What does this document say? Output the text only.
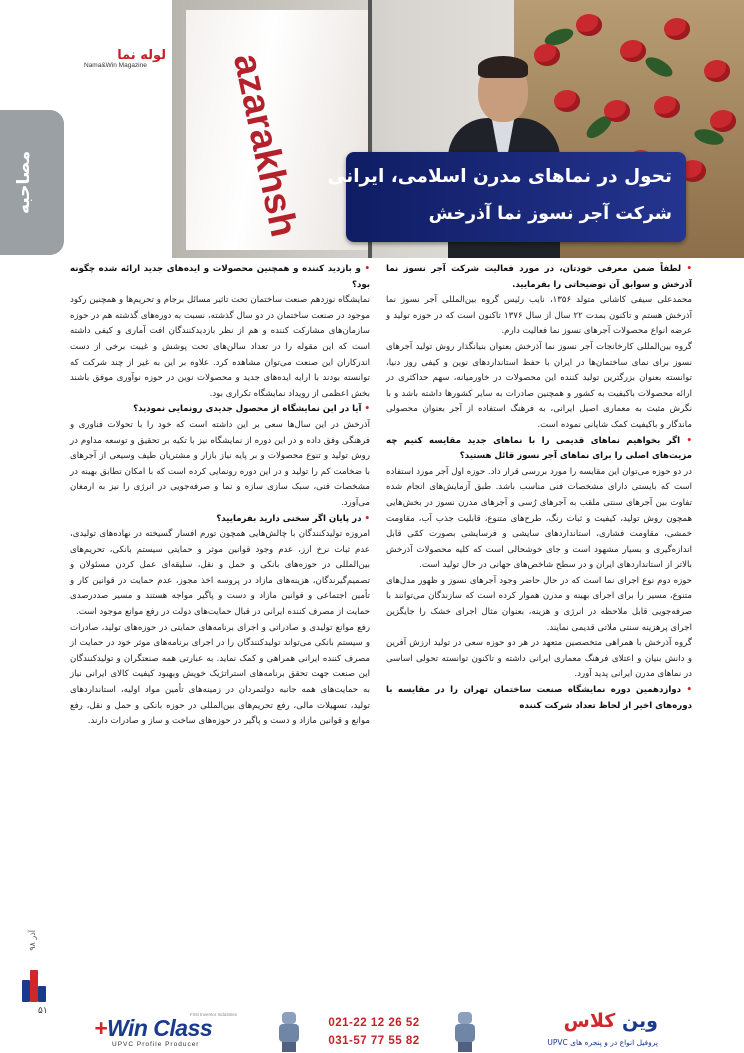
azarakhsh
لوله نما
Nama&Win Magazine
مصاحبه	تحول در نماهای مدرن اسلامی، ایرانی
شرکت آجر نسوز نما آذرخش

• لطفاً ضمن معرفی خودتان، در مورد فعالیت شرکت آجر نسوز نما آذرخش و سوابق آن توضیحاتی را بفرمایید.

محمدعلی سیفی کاشانی متولد ۱۳۵۶، نایب رئیس گروه بین‌المللی آجر نسوز نما آذرخش هستم و تاکنون بمدت ۲۲ سال از سال ۱۳۷۶ تاکنون است که در حوزه تولید و عرضه انواع محصولات آجرهای نسوز نما فعالیت دارم.

گروه بین‌المللی کارخانجات آجر نسوز نما آذرخش بعنوان بنیانگذار روش تولید آجرهای نسوز برای نمای ساختمان‌ها در ایران با حفظ استانداردهای نوین و کیفی روز دنیا، توانسته بعنوان بزرگترین تولید کننده این محصولات در خاورمیانه، سهم حداکثری در ارائه محصولات باکیفیت به کشور و همچنین صادرات به سایر کشورها داشته باشد و با نگرش مثبت به معماری اصیل ایرانی، به فرهنگ استفاده از آجر بعنوان محصولی ماندگار و باکیفیت کمک شایانی نموده است.

• اگر بخواهیم نماهای قدیمی را با نماهای جدید مقایسه کنیم چه مزیت‌های اصلی را برای نماهای آجر نسوز قائل هستید؟

در دو حوزه می‌توان این مقایسه را مورد بررسی قرار داد. حوزه اول آجر مورد استفاده است که بایستی دارای مشخصات فنی مناسب باشد. طبق آزمایش‌های انجام شده تفاوت بین آجرهای سنتی ملقب به آجرهای رُسی و آجرهای مدرن نسوز در بخش‌هایی همچون روش تولید، کیفیت و ثبات رنگ، طرح‌های متنوع، قابلیت جذب آب، مقاومت خمشی، مقاومت فشاری، استانداردهای سایشی و فرسایشی بصورت کمّی قابل اندازه‌گیری و بسیار مشهود است و جای خوشحالی است که کلیه محصولات آذرخش بالاتر از استانداردهای ایران و در سطح شاخص‌های جهانی در حال تولید است.

حوزه دوم نوع اجرای نما است که در حال حاضر وجود آجرهای نسوز و ظهور مدل‌های متنوع، مسیر را برای اجرای بهینه و مدرن هموار کرده است که سازندگان می‌توانند با صرفه‌جویی قابل ملاحظه در انرژی و هزینه، بعنوان مثال اجرای خشک را جایگزین اجرای پرهزینه سنتی ملاتی قدیمی نمایند.

گروه آذرخش با همراهی متخصصین متعهد در هر دو حوزه سعی در تولید ارزش آفرین و دانش بنیان و اعتلای فرهنگ معماری ایرانی داشته و تاکنون توانسته تحولی اساسی در نماهای مدرن ایرانی پدید آورد.

• دوازدهمین دوره نمایشگاه صنعت ساختمان تهران را در مقایسه با دوره‌های اخیر از لحاظ تعداد شرکت کننده

• و بازدید کننده و همچنین محصولات و ایده‌های جدید ارائه شده چگونه بود؟

نمایشگاه نوزدهم صنعت ساختمان تحت تاثیر مسائل برجام و تحریم‌ها و همچنین رکود موجود در صنعت ساختمان در دو سال گذشته، نسبت به دوره‌های گذشته هم در حوزه سازمان‌های مشارکت کننده و هم از نظر بازدیدکنندگان افت آماری و کیفی داشته است که این مقوله را در تعداد سالن‌های تحت پوشش و غیبت برخی از دست اندرکاران این صنعت می‌توان مشاهده کرد. علاوه بر این به غیر از چند شرکت که توانسته بودند با ارایه ایده‌های جدید و محصولات نوین در حوزه نوآوری موفق باشند بخش اعظمی از رویداد نمایشگاه تکراری بود.

• آیا در این نمایشگاه از محصول جدیدی رونمایی نمودید؟

آذرخش در این سال‌ها سعی بر این داشته است که خود را با تحولات فناوری و فرهنگی وفق داده و در این دوره از نمایشگاه نیز با تکیه بر تحقیق و توسعه مداوم در روش تولید و تنوع محصولات و بر پایه نیاز بازار و مشتریان طیف وسیعی از آجرهای با ضخامت کم را تولید و در این دوره رونمایی کرده است که با امکان تطابق بهینه در مشخصات فنی، سبک سازی سازه و نما و صرفه‌جویی در انرژی را نیز به ارمغان می‌آورد.

• در پایان اگر سخنی دارید بفرمایید؟

امروزه تولیدکنندگان با چالش‌هایی همچون تورم افسار گسیخته در نهاده‌های تولیدی، عدم ثبات نرخ ارز، عدم وجود قوانین موثر و حمایتی سیستم بانکی، تحریم‌های بین‌المللی در حوزه‌های بانکی و حمل و نقل، سلیقه‌ای عمل کردن مسئولان و تصمیم‌گیرندگان، هزینه‌های مازاد در پروسه اخذ مجوز، عدم حمایت در قوانین کار و تأمین اجتماعی و قوانین مازاد و دست و پاگیر مواجه هستند و مسیر صددرصدی حمایت از مصرف کننده ایرانی در قبال حمایت‌های دولت در رفع موانع موجود است.

رفع موانع تولیدی و صادراتی و اجرای برنامه‌های حمایتی در حوزه‌های تولید، صادرات و سیستم بانکی می‌تواند تولیدکنندگان را در اجرای برنامه‌های موثر خود در حمایت از مصرف کننده ایرانی همراهی و کمک نماید. به عبارتی همه صنعتگران و تولیدکنندگان این صنعت جهت تحقق برنامه‌های استراتژیک خویش وبهبود کیفیت کالای ایرانی نیاز به حمایت‌های همه جانبه دولتمردان در زمینه‌های تأمین مواد اولیه، استانداردهای تولید، تسهیلات مالی، رفع تحریم‌های بین‌المللی در حوزه بانکی و حمل و نقل، رفع موانع و قوانین مازاد و دست و پاگیر در حوزه‌های ساخت و ساز و صادرات دارند.

آذر ۹۸
۵۱
+Win Class
UPVC Profile Producer
First Inventor Industries
021-22 12 26 52
031-57 77 55 82
وین کلاس
پروفیل انواع در و پنجره های UPVC
